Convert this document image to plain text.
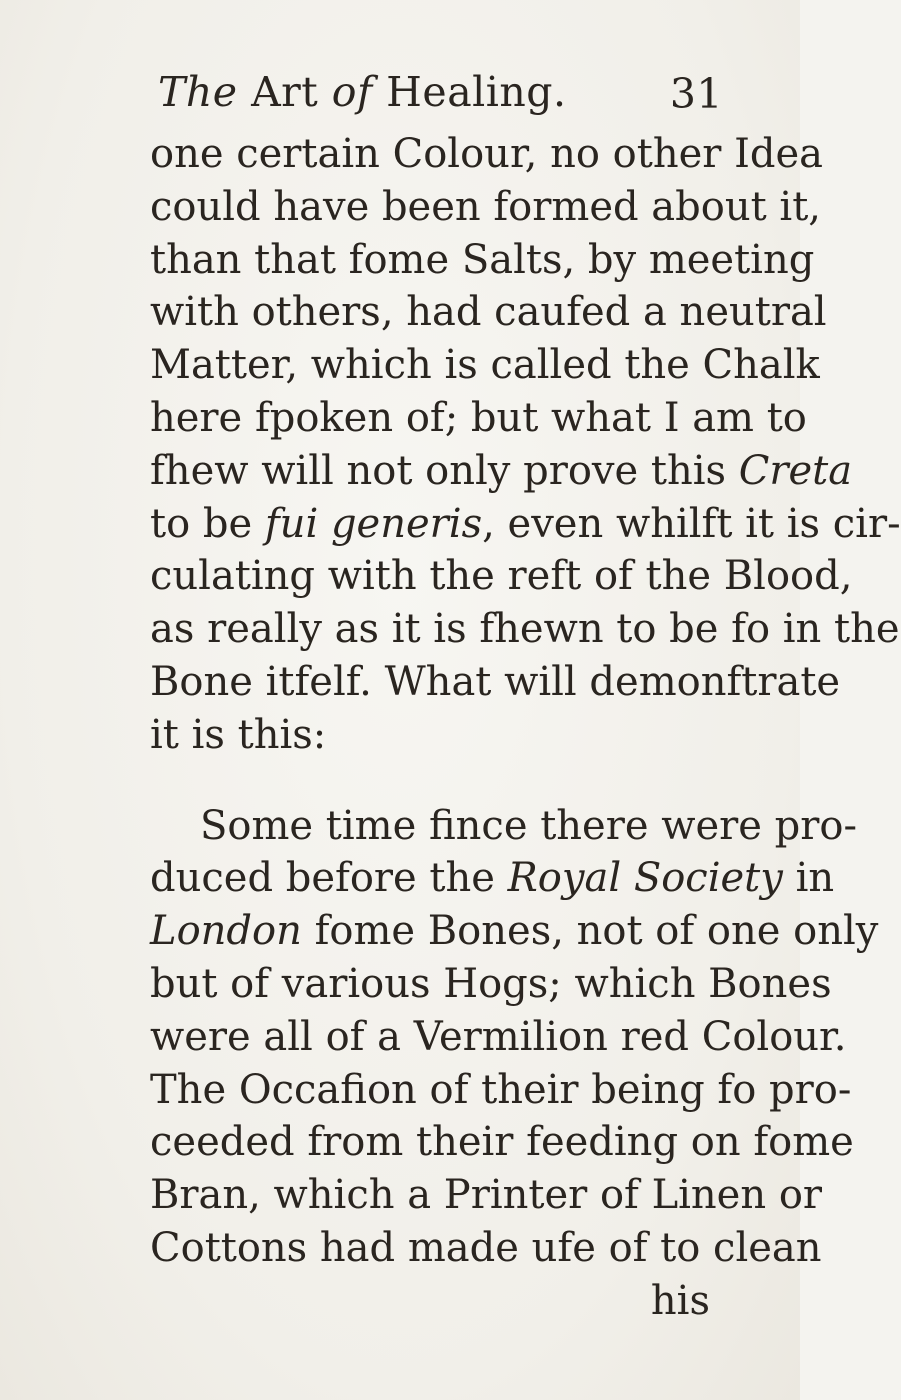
The Art of Healing.	31
one certain Colour, no other Idea
could have been formed about it,
than that fome Salts, by meeting
with others, had caufed a neutral
Matter, which is called the Chalk
here fpoken of; but what I am to
fhew will not only prove this Creta
to be fui generis, even whilft it is cir-
culating with the reft of the Blood,
as really as it is fhewn to be fo in the
Bone itfelf. What will demonftrate
it is this:
Some time fince there were pro-
duced before the Royal Society in
London fome Bones, not of one only
but of various Hogs; which Bones
were all of a Vermilion red Colour.
The Occafion of their being fo pro-
ceeded from their feeding on fome
Bran, which a Printer of Linen or
Cottons had made ufe of to clean
his
